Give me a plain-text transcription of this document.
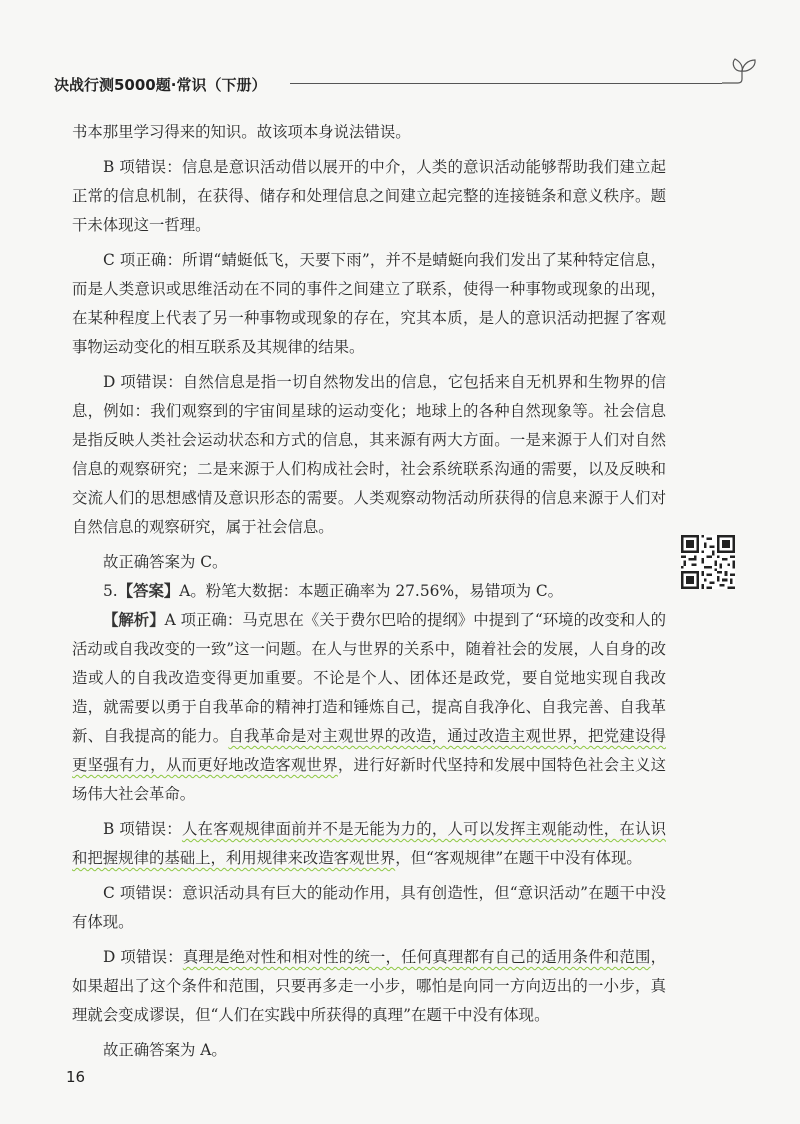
决战行测5000题·常识（下册）

书本那里学习得来的知识。故该项本身说法错误。

B 项错误：信息是意识活动借以展开的中介，人类的意识活动能够帮助我们建立起正常的信息机制，在获得、储存和处理信息之间建立起完整的连接链条和意义秩序。题干未体现这一哲理。

C 项正确：所谓“蜻蜓低飞，天要下雨”，并不是蜻蜓向我们发出了某种特定信息，而是人类意识或思维活动在不同的事件之间建立了联系，使得一种事物或现象的出现，在某种程度上代表了另一种事物或现象的存在，究其本质，是人的意识活动把握了客观事物运动变化的相互联系及其规律的结果。

D 项错误：自然信息是指一切自然物发出的信息，它包括来自无机界和生物界的信息，例如：我们观察到的宇宙间星球的运动变化；地球上的各种自然现象等。社会信息是指反映人类社会运动状态和方式的信息，其来源有两大方面。一是来源于人们对自然信息的观察研究；二是来源于人们构成社会时，社会系统联系沟通的需要，以及反映和交流人们的思想感情及意识形态的需要。人类观察动物活动所获得的信息来源于人们对自然信息的观察研究，属于社会信息。

故正确答案为 C。

5.【答案】A。粉笔大数据：本题正确率为 27.56%，易错项为 C。

【解析】A 项正确：马克思在《关于费尔巴哈的提纲》中提到了“环境的改变和人的活动或自我改变的一致”这一问题。在人与世界的关系中，随着社会的发展，人自身的改造或人的自我改造变得更加重要。不论是个人、团体还是政党，要自觉地实现自我改造，就需要以勇于自我革命的精神打造和锤炼自己，提高自我净化、自我完善、自我革新、自我提高的能力。自我革命是对主观世界的改造，通过改造主观世界，把党建设得更坚强有力，从而更好地改造客观世界，进行好新时代坚持和发展中国特色社会主义这场伟大社会革命。

B 项错误：人在客观规律面前并不是无能为力的，人可以发挥主观能动性，在认识和把握规律的基础上，利用规律来改造客观世界，但“客观规律”在题干中没有体现。

C 项错误：意识活动具有巨大的能动作用，具有创造性，但“意识活动”在题干中没有体现。

D 项错误：真理是绝对性和相对性的统一，任何真理都有自己的适用条件和范围，如果超出了这个条件和范围，只要再多走一小步，哪怕是向同一方向迈出的一小步，真理就会变成谬误，但“人们在实践中所获得的真理”在题干中没有体现。

故正确答案为 A。

16
